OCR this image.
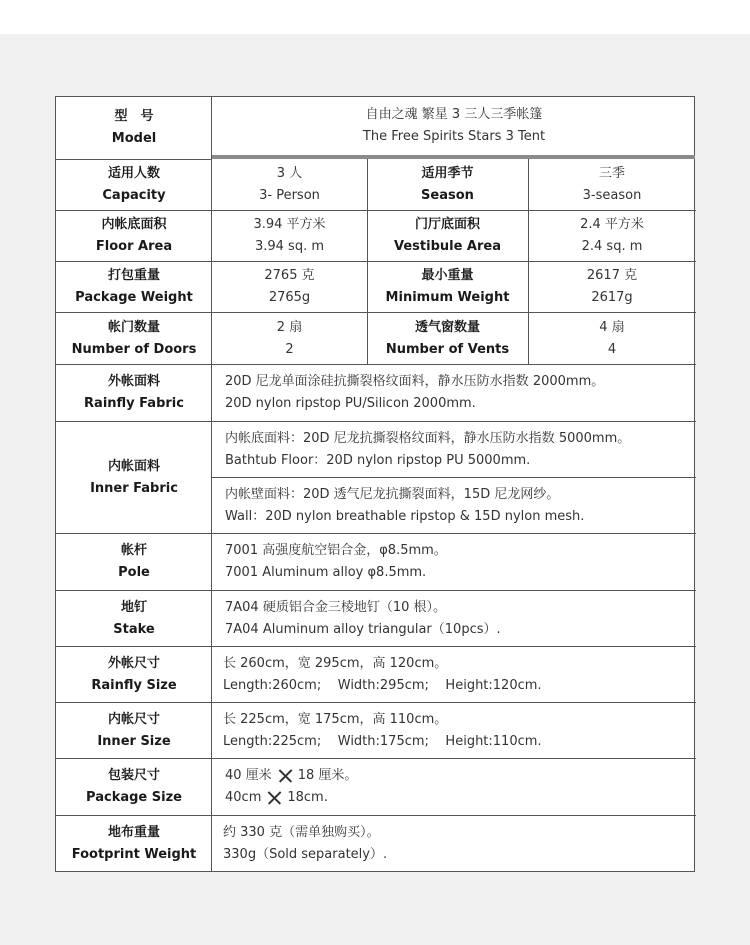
型　号
Model
自由之魂 繁星 3 三人三季帐篷
The Free Spirits Stars 3 Tent
适用人数
Capacity
3 人
3- Person
适用季节
Season
三季
3-season
内帐底面积
Floor Area
3.94 平方米
3.94 sq. m
门厅底面积
Vestibule Area
2.4 平方米
2.4 sq. m
打包重量
Package Weight
2765 克
2765g
最小重量
Minimum Weight
2617 克
2617g
帐门数量
Number of Doors
2 扇
2
透气窗数量
Number of Vents
4 扇
4
外帐面料
Rainfly Fabric
20D 尼龙单面涂硅抗撕裂格纹面料，静水压防水指数 2000mm。
20D nylon ripstop PU/Silicon 2000mm.
内帐面料
Inner Fabric
内帐底面料：20D 尼龙抗撕裂格纹面料，静水压防水指数 5000mm。
Bathtub Floor：20D nylon ripstop PU 5000mm.
内帐壁面料：20D 透气尼龙抗撕裂面料，15D 尼龙网纱。
Wall：20D nylon breathable ripstop & 15D nylon mesh.
帐杆
Pole
7001 高强度航空铝合金，φ8.5mm。
7001 Aluminum alloy φ8.5mm.
地钉
Stake
7A04 硬质铝合金三棱地钉（10 根）。
7A04 Aluminum alloy triangular（10pcs）.
外帐尺寸
Rainfly Size
长 260cm，宽 295cm，高 120cm。
Length:260cm;    Width:295cm;    Height:120cm.
内帐尺寸
Inner Size
长 225cm，宽 175cm，高 110cm。
Length:225cm;    Width:175cm;    Height:110cm.
包装尺寸
Package Size
40 厘米 18 厘米。
40cm 18cm.
地布重量
Footprint Weight
约 330 克（需单独购买）。
330g（Sold separately）.
